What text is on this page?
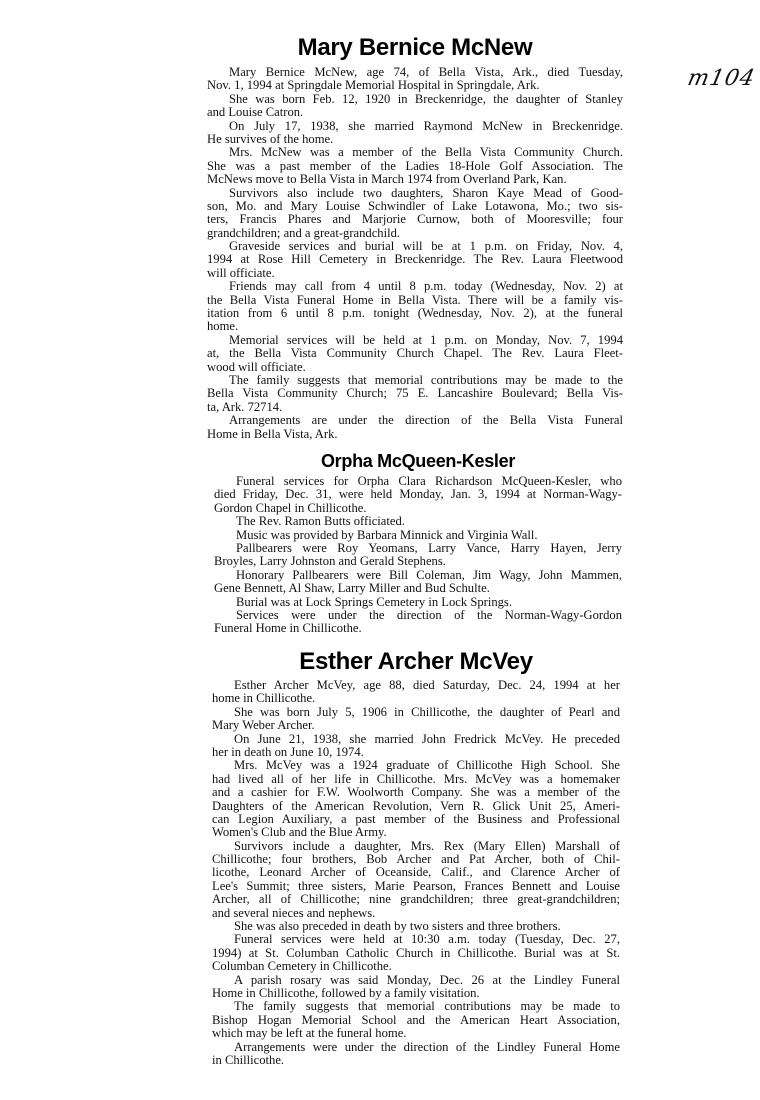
m104
Mary Bernice McNew
Mary Bernice McNew, age 74, of Bella Vista, Ark., died Tuesday,
Nov. 1, 1994 at Springdale Memorial Hospital in Springdale, Ark.
She was born Feb. 12, 1920 in Breckenridge, the daughter of Stanley
and Louise Catron.
On July 17, 1938, she married Raymond McNew in Breckenridge.
He survives of the home.
Mrs. McNew was a member of the Bella Vista Community Church.
She was a past member of the Ladies 18-Hole Golf Association. The
McNews move to Bella Vista in March 1974 from Overland Park, Kan.
Survivors also include two daughters, Sharon Kaye Mead of Good-
son, Mo. and Mary Louise Schwindler of Lake Lotawona, Mo.; two sis-
ters, Francis Phares and Marjorie Curnow, both of Mooresville; four
grandchildren; and a great-grandchild.
Graveside services and burial will be at 1 p.m. on Friday, Nov. 4,
1994 at Rose Hill Cemetery in Breckenridge. The Rev. Laura Fleetwood
will officiate.
Friends may call from 4 until 8 p.m. today (Wednesday, Nov. 2) at
the Bella Vista Funeral Home in Bella Vista. There will be a family vis-
itation from 6 until 8 p.m. tonight (Wednesday, Nov. 2), at the funeral
home.
Memorial services will be held at 1 p.m. on Monday, Nov. 7, 1994
at, the Bella Vista Community Church Chapel. The Rev. Laura Fleet-
wood will officiate.
The family suggests that memorial contributions may be made to the
Bella Vista Community Church; 75 E. Lancashire Boulevard; Bella Vis-
ta, Ark. 72714.
Arrangements are under the direction of the Bella Vista Funeral
Home in Bella Vista, Ark.
Orpha McQueen-Kesler
Funeral services for Orpha Clara Richardson McQueen-Kesler, who
died Friday, Dec. 31, were held Monday, Jan. 3, 1994 at Norman-Wagy-
Gordon Chapel in Chillicothe.
The Rev. Ramon Butts officiated.
Music was provided by Barbara Minnick and Virginia Wall.
Pallbearers were Roy Yeomans, Larry Vance, Harry Hayen, Jerry
Broyles, Larry Johnston and Gerald Stephens.
Honorary Pallbearers were Bill Coleman, Jim Wagy, John Mammen,
Gene Bennett, Al Shaw, Larry Miller and Bud Schulte.
Burial was at Lock Springs Cemetery in Lock Springs.
Services were under the direction of the Norman-Wagy-Gordon
Funeral Home in Chillicothe.
Esther Archer McVey
Esther Archer McVey, age 88, died Saturday, Dec. 24, 1994 at her
home in Chillicothe.
She was born July 5, 1906 in Chillicothe, the daughter of Pearl and
Mary Weber Archer.
On June 21, 1938, she married John Fredrick McVey. He preceded
her in death on June 10, 1974.
Mrs. McVey was a 1924 graduate of Chillicothe High School. She
had lived all of her life in Chillicothe. Mrs. McVey was a homemaker
and a cashier for F.W. Woolworth Company. She was a member of the
Daughters of the American Revolution, Vern R. Glick Unit 25, Ameri-
can Legion Auxiliary, a past member of the Business and Professional
Women's Club and the Blue Army.
Survivors include a daughter, Mrs. Rex (Mary Ellen) Marshall of
Chillicothe; four brothers, Bob Archer and Pat Archer, both of Chil-
licothe, Leonard Archer of Oceanside, Calif., and Clarence Archer of
Lee's Summit; three sisters, Marie Pearson, Frances Bennett and Louise
Archer, all of Chillicothe; nine grandchildren; three great-grandchildren;
and several nieces and nephews.
She was also preceded in death by two sisters and three brothers.
Funeral services were held at 10:30 a.m. today (Tuesday, Dec. 27,
1994) at St. Columban Catholic Church in Chillicothe. Burial was at St.
Columban Cemetery in Chillicothe.
A parish rosary was said Monday, Dec. 26 at the Lindley Funeral
Home in Chillicothe, followed by a family visitation.
The family suggests that memorial contributions may be made to
Bishop Hogan Memorial School and the American Heart Association,
which may be left at the funeral home.
Arrangements were under the direction of the Lindley Funeral Home
in Chillicothe.
